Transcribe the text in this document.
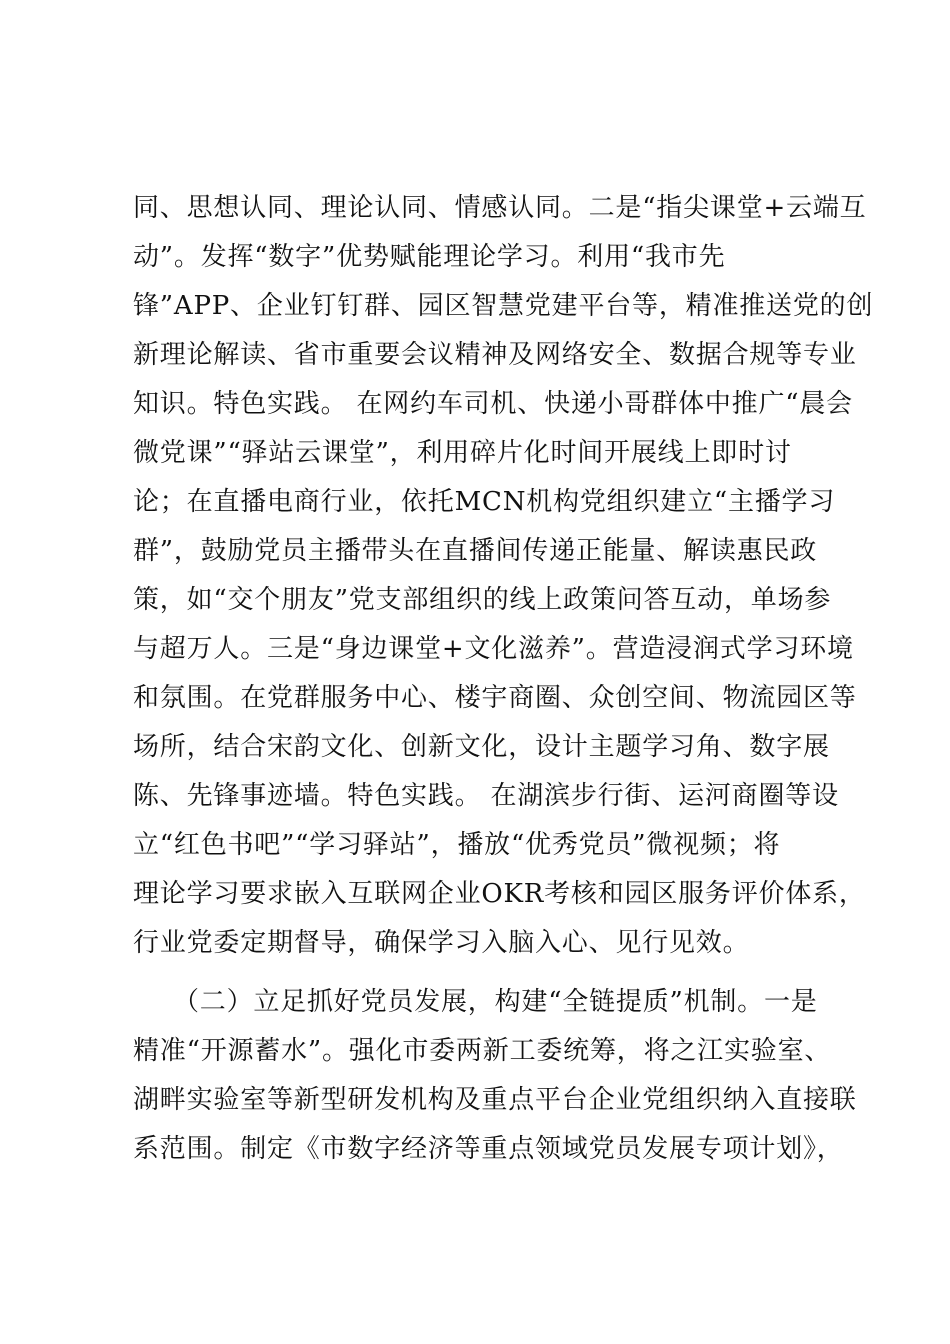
同、思想认同、理论认同、情感认同。二是“指尖课堂+云端互
动”。发挥“数字”优势赋能理论学习。利用“我市先
锋”APP、企业钉钉群、园区智慧党建平台等，精准推送党的创
新理论解读、省市重要会议精神及网络安全、数据合规等专业
知识。特色实践。 在网约车司机、快递小哥群体中推广“晨会
微党课”“驿站云课堂”，利用碎片化时间开展线上即时讨
论；在直播电商行业，依托MCN机构党组织建立“主播学习
群”，鼓励党员主播带头在直播间传递正能量、解读惠民政
策，如“交个朋友”党支部组织的线上政策问答互动，单场参
与超万人。三是“身边课堂+文化滋养”。营造浸润式学习环境
和氛围。在党群服务中心、楼宇商圈、众创空间、物流园区等
场所，结合宋韵文化、创新文化，设计主题学习角、数字展
陈、先锋事迹墙。特色实践。 在湖滨步行街、运河商圈等设
立“红色书吧”“学习驿站”，播放“优秀党员”微视频；将
理论学习要求嵌入互联网企业OKR考核和园区服务评价体系，
行业党委定期督导，确保学习入脑入心、见行见效。
（二）立足抓好党员发展，构建“全链提质”机制。一是
精准“开源蓄水”。强化市委两新工委统筹，将之江实验室、
湖畔实验室等新型研发机构及重点平台企业党组织纳入直接联
系范围。制定《市数字经济等重点领域党员发展专项计划》，
